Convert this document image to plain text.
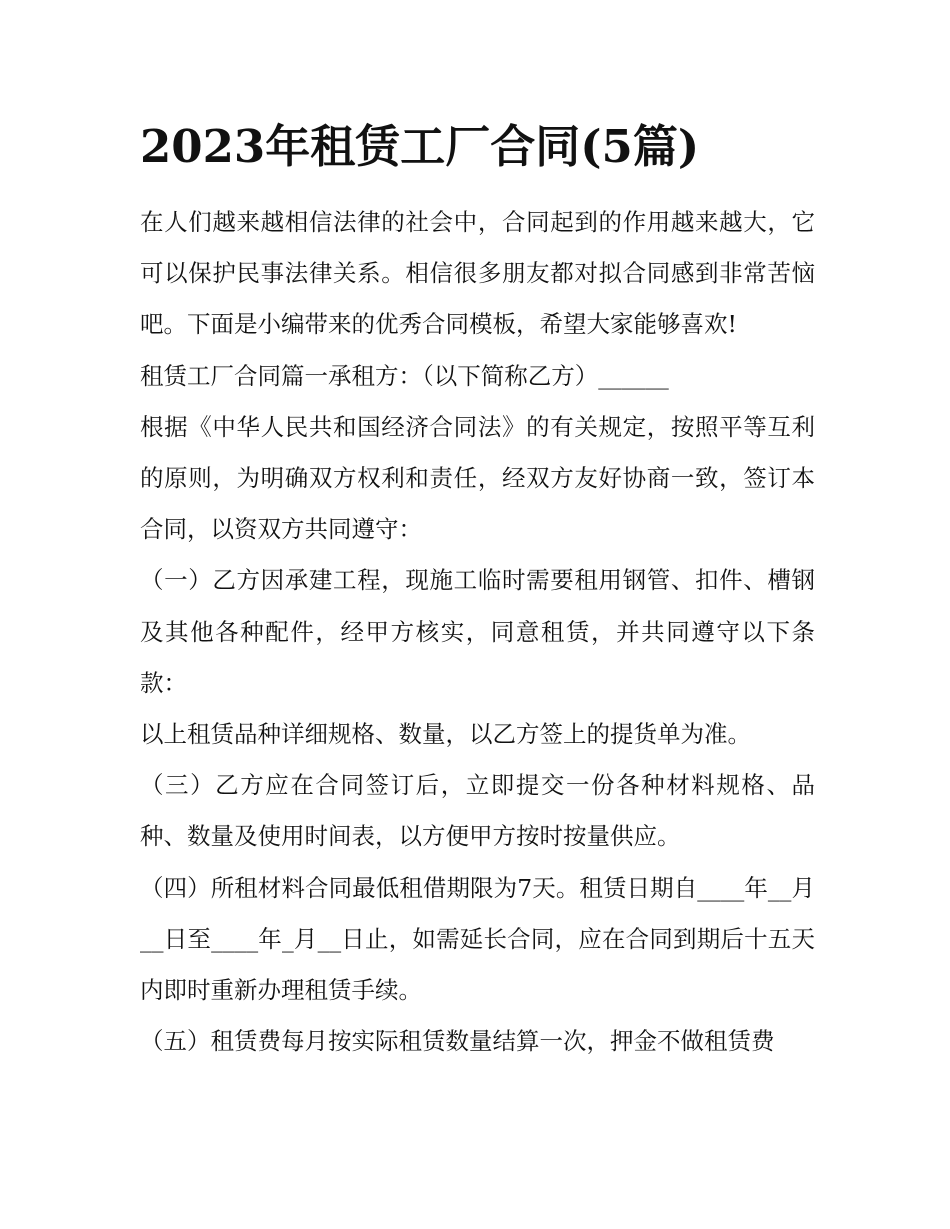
2023年租赁工厂合同(5篇)

在人们越来越相信法律的社会中，合同起到的作用越来越大，它可以保护民事法律关系。相信很多朋友都对拟合同感到非常苦恼吧。下面是小编带来的优秀合同模板，希望大家能够喜欢!

租赁工厂合同篇一承租方：（以下简称乙方）______

根据《中华人民共和国经济合同法》的有关规定，按照平等互利的原则，为明确双方权利和责任，经双方友好协商一致，签订本合同，以资双方共同遵守：

（一）乙方因承建工程，现施工临时需要租用钢管、扣件、槽钢及其他各种配件，经甲方核实，同意租赁，并共同遵守以下条款：

以上租赁品种详细规格、数量，以乙方签上的提货单为准。

（三）乙方应在合同签订后，立即提交一份各种材料规格、品种、数量及使用时间表，以方便甲方按时按量供应。

（四）所租材料合同最低租借期限为7天。租赁日期自____年__月__日至____年_月__日止，如需延长合同，应在合同到期后十五天内即时重新办理租赁手续。

（五）租赁费每月按实际租赁数量结算一次，押金不做租赁费
